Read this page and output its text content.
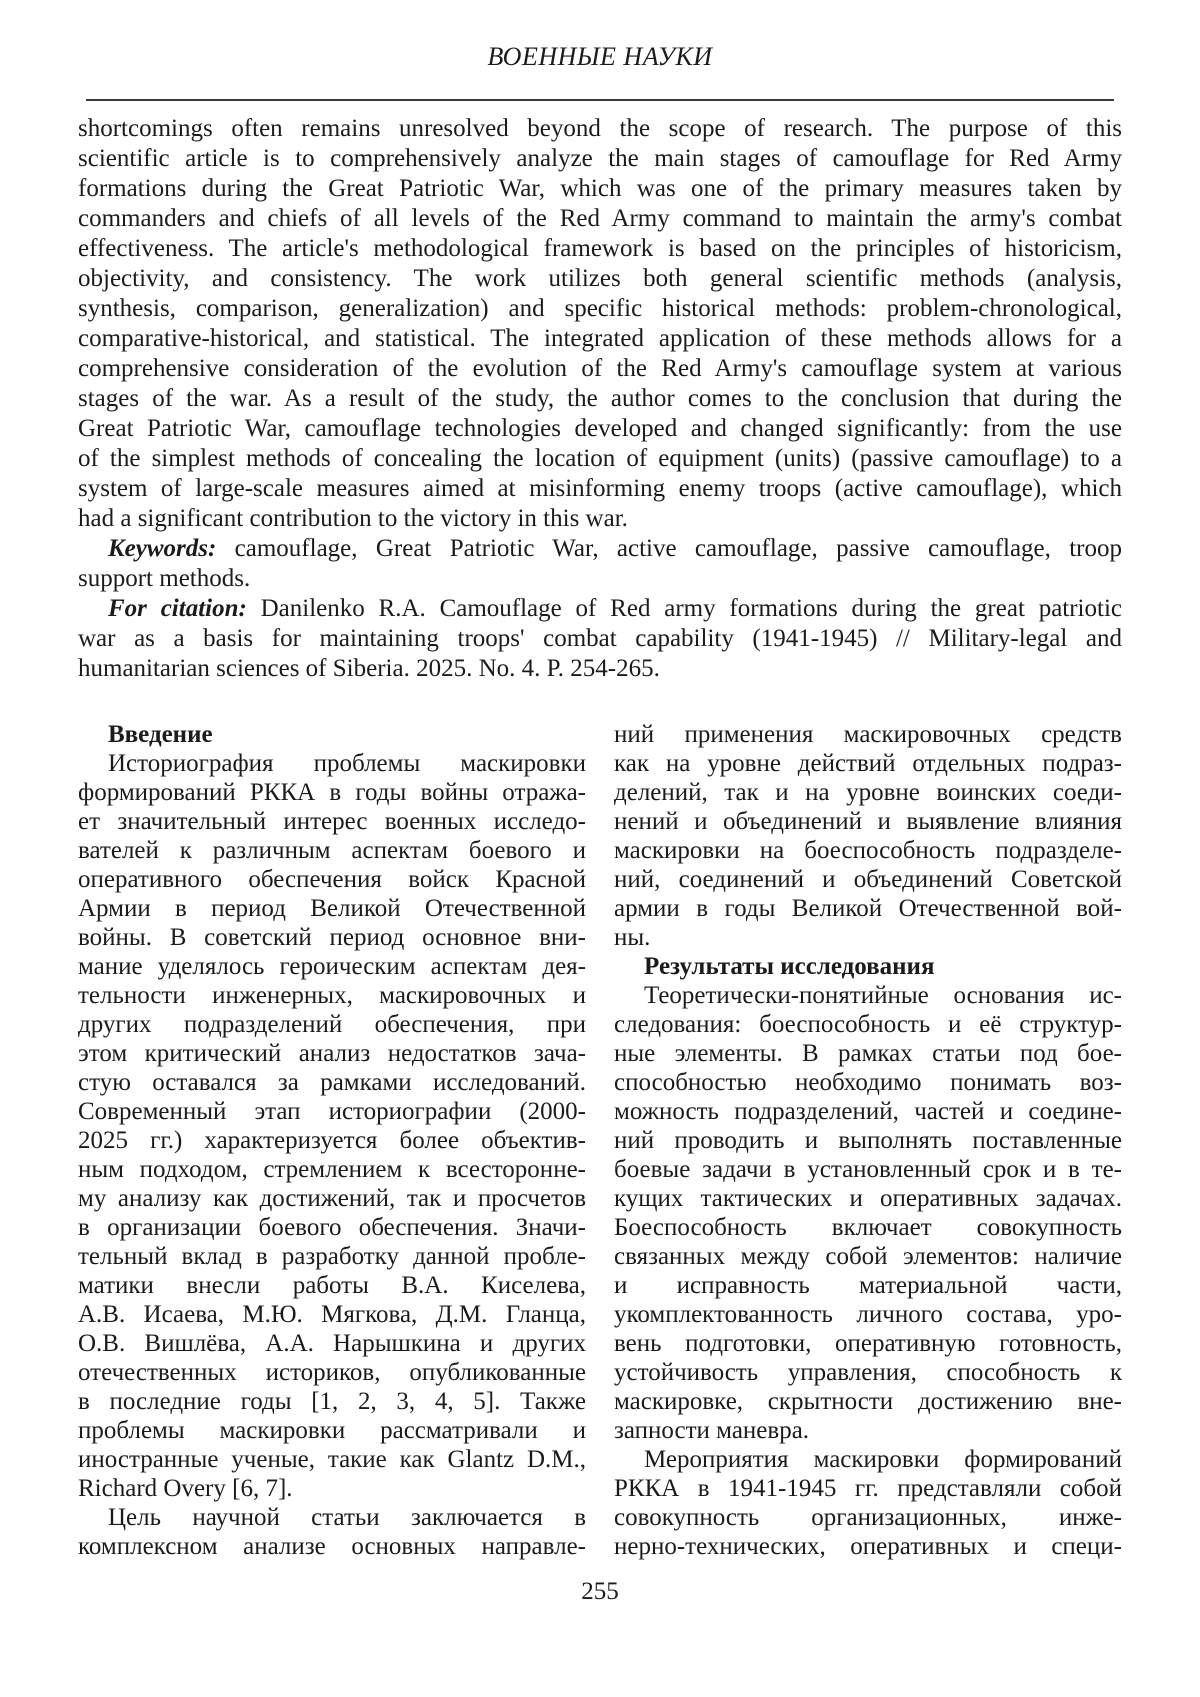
ВОЕННЫЕ НАУКИ
shortcomings often remains unresolved beyond the scope of research. The purpose of this
scientific article is to comprehensively analyze the main stages of camouflage for Red Army
formations during the Great Patriotic War, which was one of the primary measures taken by
commanders and chiefs of all levels of the Red Army command to maintain the army's combat
effectiveness. The article's methodological framework is based on the principles of historicism,
objectivity, and consistency. The work utilizes both general scientific methods (analysis,
synthesis, comparison, generalization) and specific historical methods: problem-chronological,
comparative-historical, and statistical. The integrated application of these methods allows for a
comprehensive consideration of the evolution of the Red Army's camouflage system at various
stages of the war. As a result of the study, the author comes to the conclusion that during the
Great Patriotic War, camouflage technologies developed and changed significantly: from the use
of the simplest methods of concealing the location of equipment (units) (passive camouflage) to a
system of large-scale measures aimed at misinforming enemy troops (active camouflage), which
had a significant contribution to the victory in this war.
Keywords: camouflage, Great Patriotic War, active camouflage, passive camouflage, troop
support methods.
For citation: Danilenko R.A. Camouflage of Red army formations during the great patriotic
war as a basis for maintaining troops' combat capability (1941-1945) // Military-legal and
humanitarian sciences of Siberia. 2025. No. 4. P. 254-265.
Введение
Историография проблемы маскировки
формирований РККА в годы войны отража-
ет значительный интерес военных исследо-
вателей к различным аспектам боевого и
оперативного обеспечения войск Красной
Армии в период Великой Отечественной
войны. В советский период основное вни-
мание уделялось героическим аспектам дея-
тельности инженерных, маскировочных и
других подразделений обеспечения, при
этом критический анализ недостатков зача-
стую оставался за рамками исследований.
Современный этап историографии (2000-
2025 гг.) характеризуется более объектив-
ным подходом, стремлением к всесторонне-
му анализу как достижений, так и просчетов
в организации боевого обеспечения. Значи-
тельный вклад в разработку данной пробле-
матики внесли работы В.А. Киселева,
А.В. Исаева, М.Ю. Мягкова, Д.М. Гланца,
О.В. Вишлёва, А.А. Нарышкина и других
отечественных историков, опубликованные
в последние годы [1, 2, 3, 4, 5]. Также
проблемы маскировки рассматривали и
иностранные ученые, такие как Glantz D.M.,
Richard Overy [6, 7].
Цель научной статьи заключается в
комплексном анализе основных направле-
ний применения маскировочных средств
как на уровне действий отдельных подраз-
делений, так и на уровне воинских соеди-
нений и объединений и выявление влияния
маскировки на боеспособность подразделе-
ний, соединений и объединений Советской
армии в годы Великой Отечественной вой-
ны.
Результаты исследования
Теоретически-понятийные основания ис-
следования: боеспособность и её структур-
ные элементы. В рамках статьи под бое-
способностью необходимо понимать воз-
можность подразделений, частей и соедине-
ний проводить и выполнять поставленные
боевые задачи в установленный срок и в те-
кущих тактических и оперативных задачах.
Боеспособность включает совокупность
связанных между собой элементов: наличие
и исправность материальной части,
укомплектованность личного состава, уро-
вень подготовки, оперативную готовность,
устойчивость управления, способность к
маскировке, скрытности достижению вне-
запности маневра.
Мероприятия маскировки формирований
РККА в 1941-1945 гг. представляли собой
совокупность организационных, инже-
нерно-технических, оперативных и специ-
255
